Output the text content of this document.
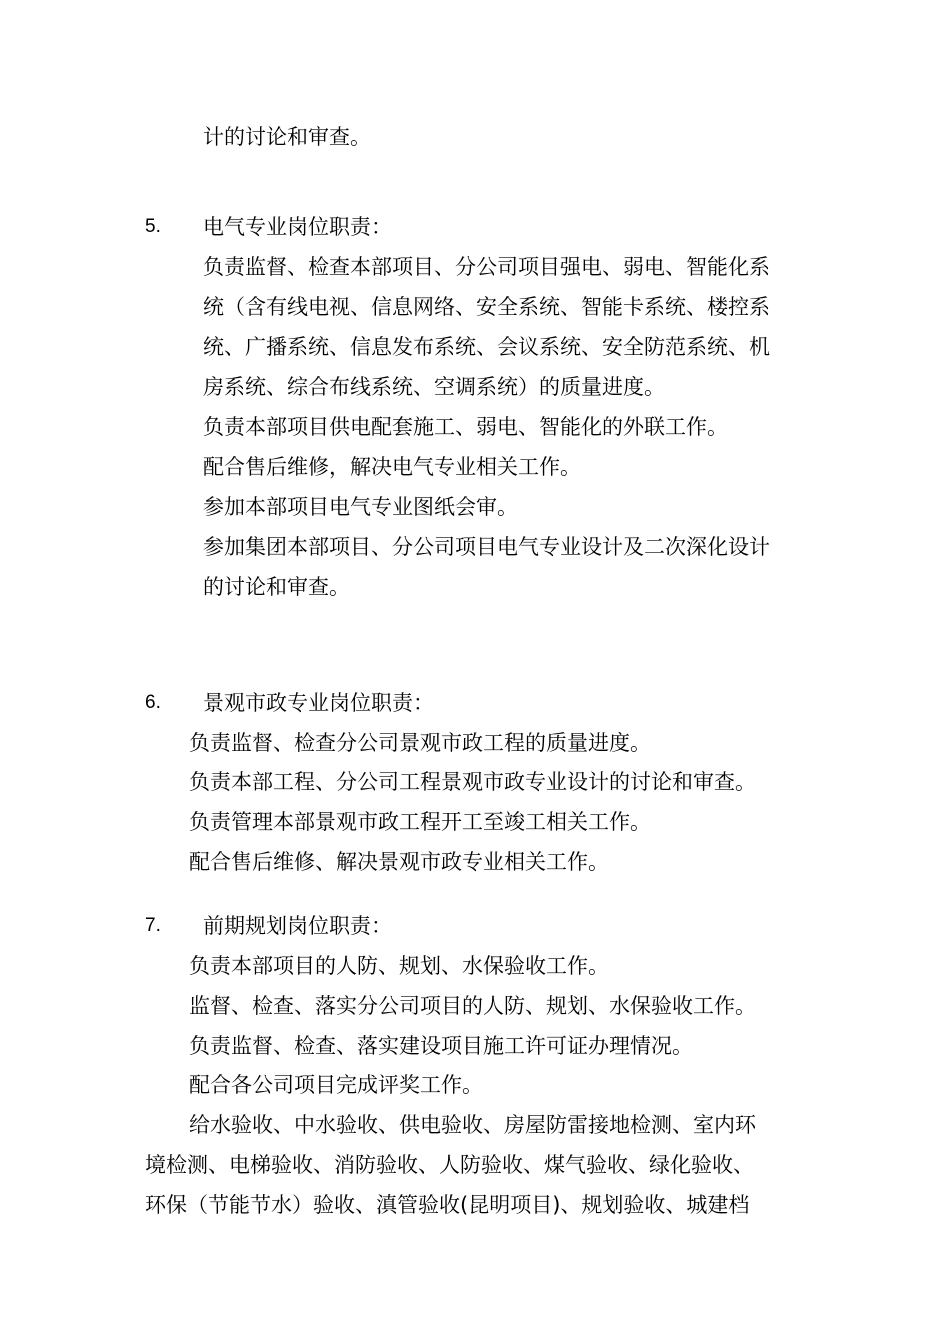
计的讨论和审查。
5. 电气专业岗位职责：
负责监督、检查本部项目、分公司项目强电、弱电、智能化系
统（含有线电视、信息网络、安全系统、智能卡系统、楼控系
统、广播系统、信息发布系统、会议系统、安全防范系统、机
房系统、综合布线系统、空调系统）的质量进度。
负责本部项目供电配套施工、弱电、智能化的外联工作。
配合售后维修，解决电气专业相关工作。
参加本部项目电气专业图纸会审。
参加集团本部项目、分公司项目电气专业设计及二次深化设计
的讨论和审查。
6. 景观市政专业岗位职责：
负责监督、检查分公司景观市政工程的质量进度。
负责本部工程、分公司工程景观市政专业设计的讨论和审查。
负责管理本部景观市政工程开工至竣工相关工作。
配合售后维修、解决景观市政专业相关工作。
7. 前期规划岗位职责：
负责本部项目的人防、规划、水保验收工作。
监督、检查、落实分公司项目的人防、规划、水保验收工作。
负责监督、检查、落实建设项目施工许可证办理情况。
配合各公司项目完成评奖工作。
给水验收、中水验收、供电验收、房屋防雷接地检测、室内环
境检测、电梯验收、消防验收、人防验收、煤气验收、绿化验收、
环保（节能节水）验收、滇管验收(昆明项目)、规划验收、城建档
